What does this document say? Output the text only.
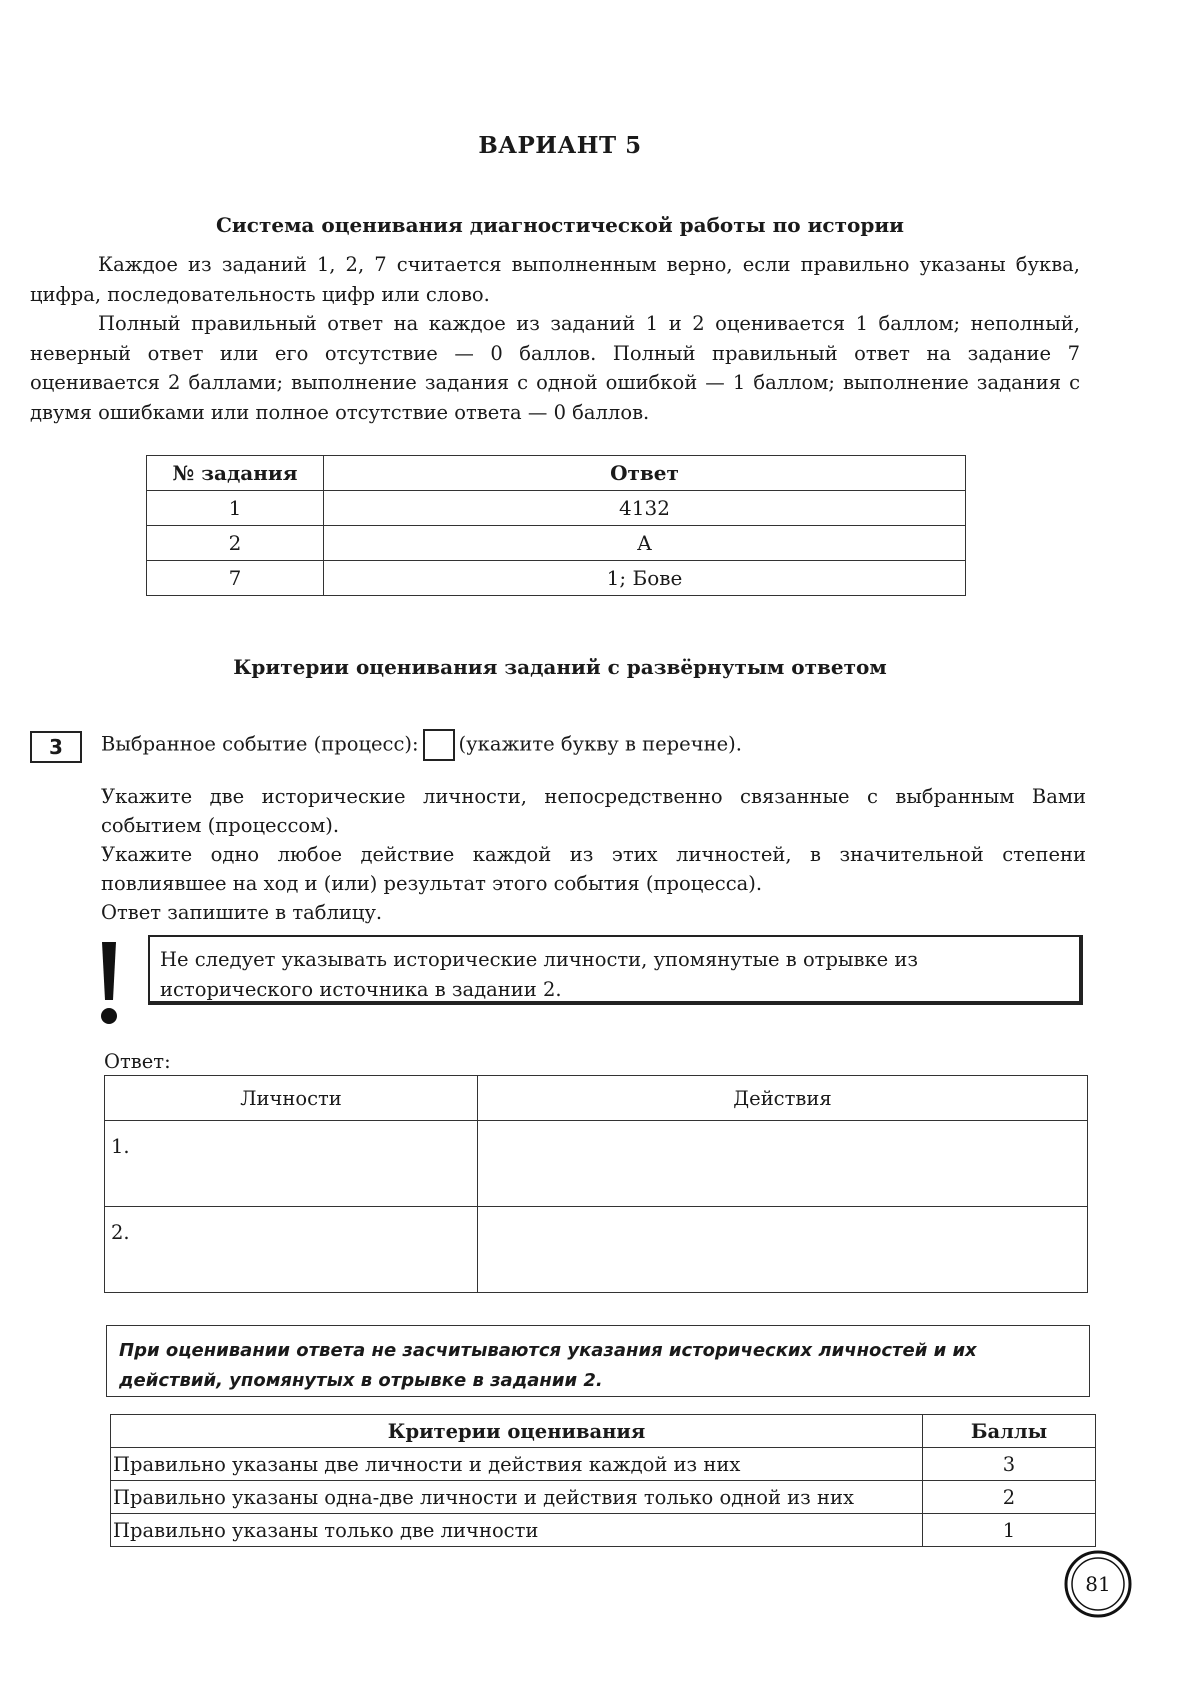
ВАРИАНТ 5
Система оценивания диагностической работы по истории

Каждое из заданий 1, 2, 7 считается выполненным верно, если правильно указаны буква, цифра, последовательность цифр или слово.

Полный правильный ответ на каждое из заданий 1 и 2 оценивается 1 баллом; неполный, неверный ответ или его отсутствие — 0 баллов. Полный правильный ответ на задание 7 оценивается 2 баллами; выполнение задания с одной ошибкой — 1 баллом; выполнение задания с двумя ошибками или полное отсутствие ответа — 0 баллов.

№ задания	Ответ
1	4132
2	А
7	1; Бове
Критерии оценивания заданий с развёрнутым ответом
3	Выбранное событие (процесс): (укажите букву в перечне).
Укажите две исторические личности, непосредственно связанные с выбранным Вами событием (процессом).
Укажите одно любое действие каждой из этих личностей, в значительной степени повлиявшее на ход и (или) результат этого события (процесса).
Ответ запишите в таблицу.
Не следует указывать исторические личности, упомянутые в отрывке из исторического источника в задании 2.
Ответ:
Личности	Действия
1.	
2.	
При оценивании ответа не засчитываются указания исторических личностей и их действий, упомянутых в отрывке в задании 2.
Критерии оценивания	Баллы
Правильно указаны две личности и действия каждой из них	3
Правильно указаны одна-две личности и действия только одной из них	2
Правильно указаны только две личности	1
81
